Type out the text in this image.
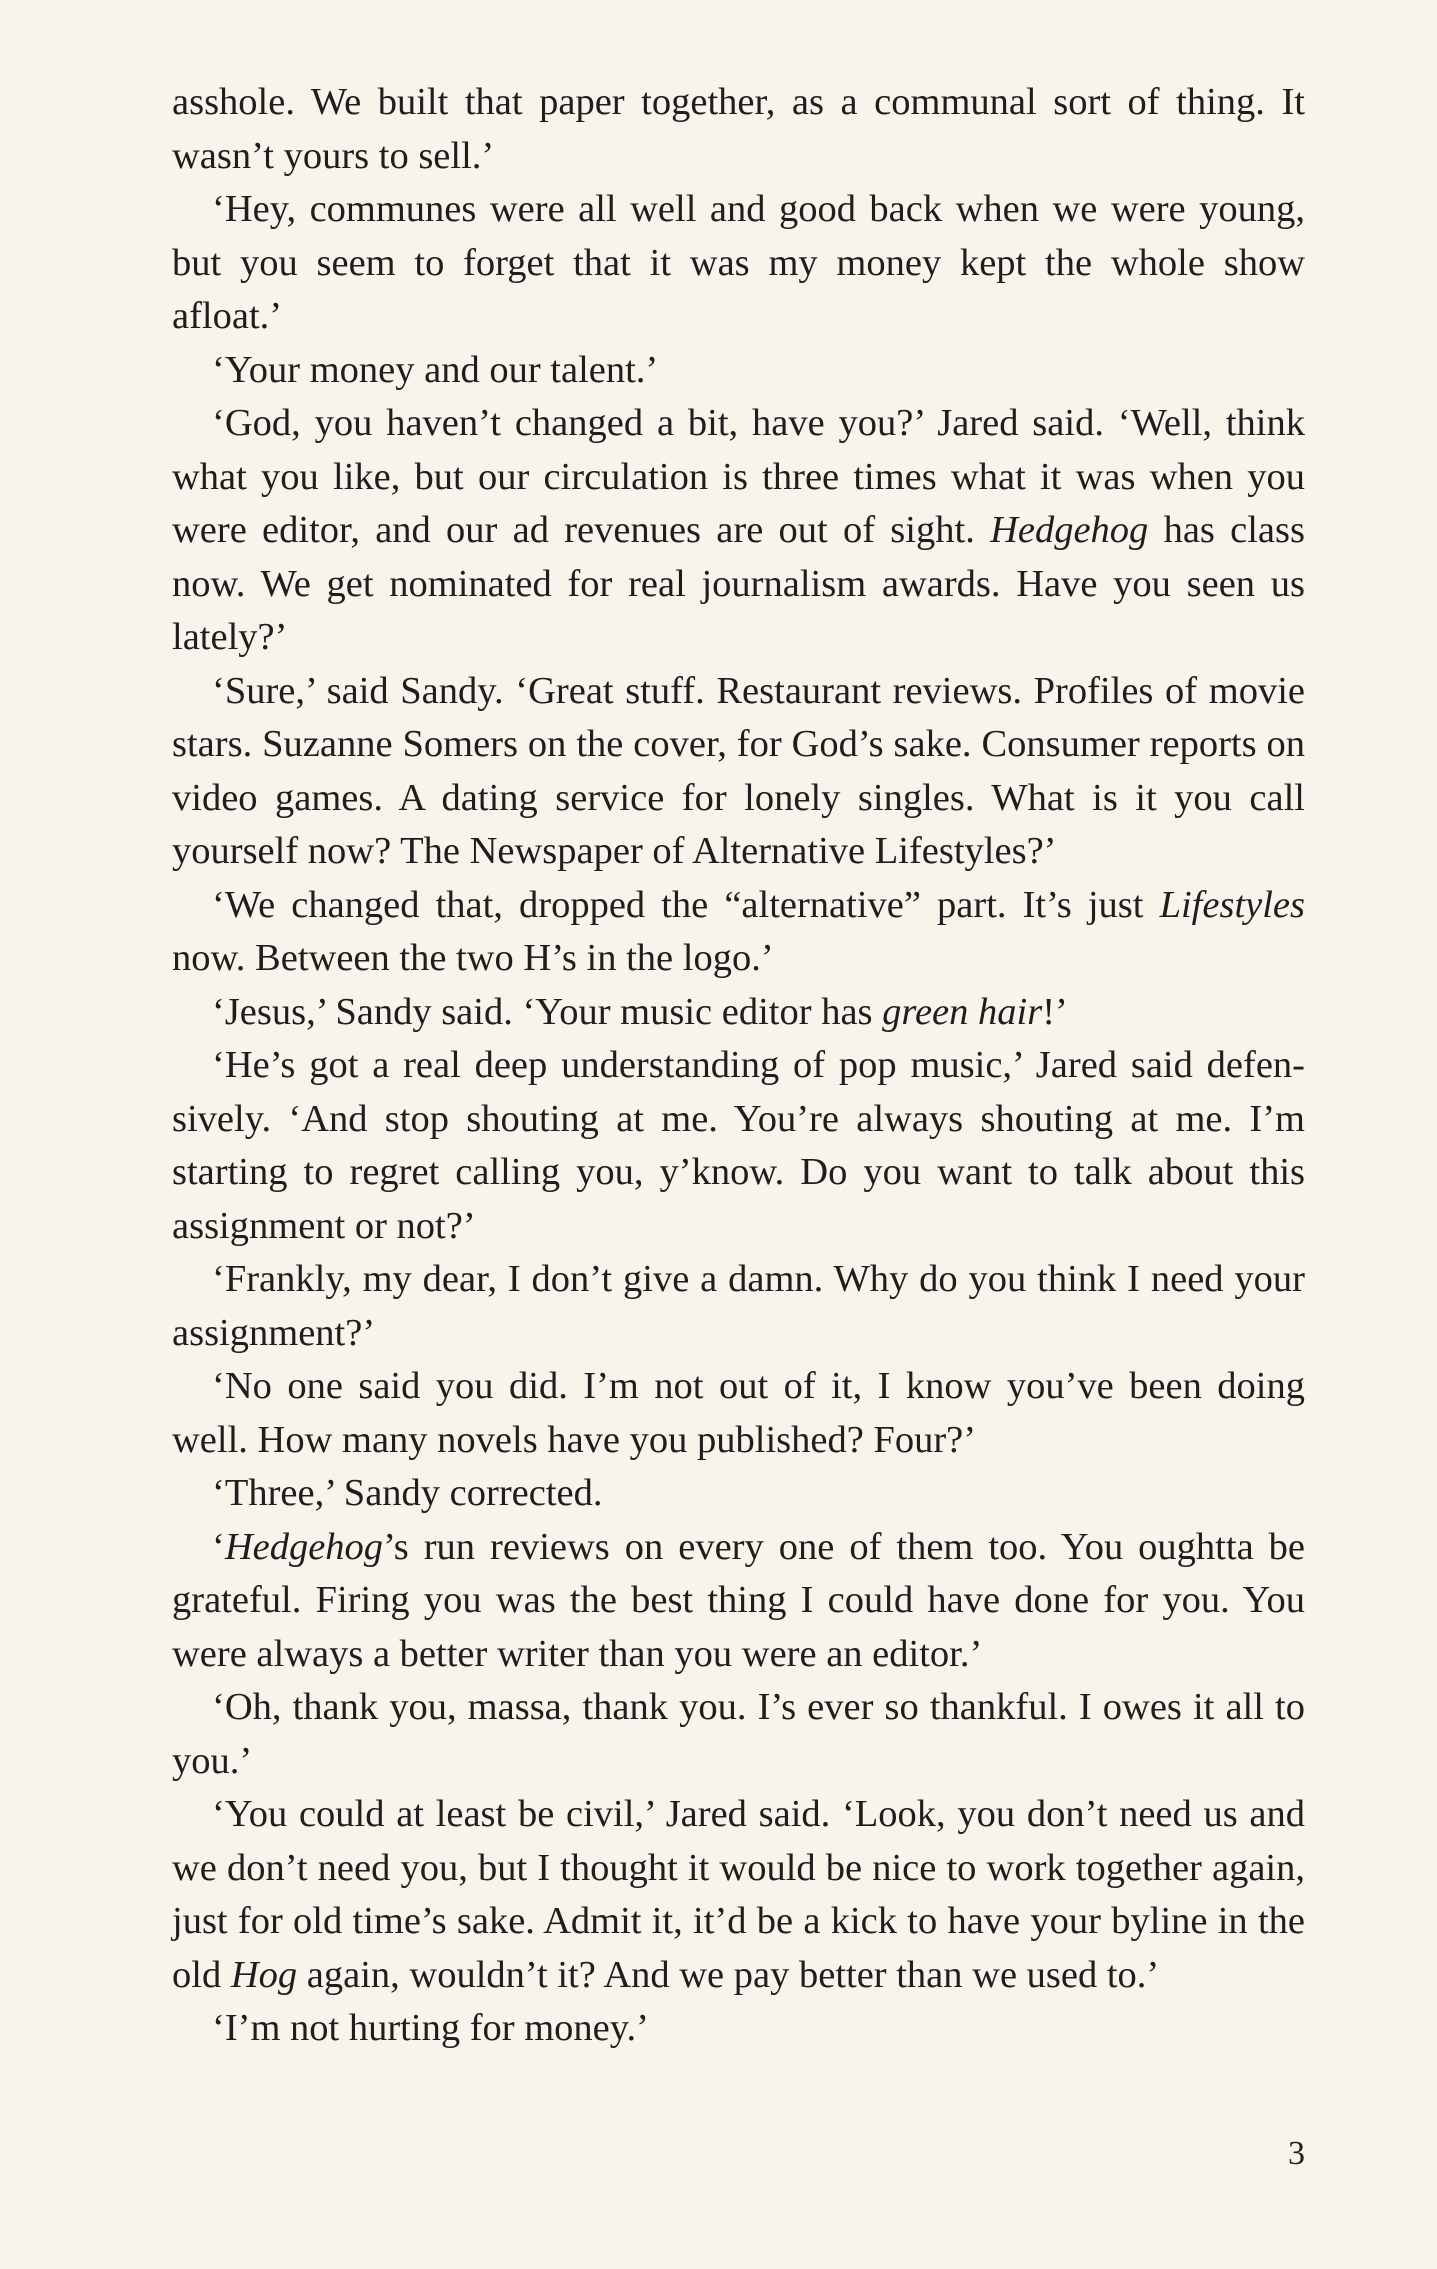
asshole. We built that paper together, as a communal sort of thing. It wasn’t yours to sell.’

‘Hey, communes were all well and good back when we were young, but you seem to forget that it was my money kept the whole show afloat.’

‘Your money and our talent.’

‘God, you haven’t changed a bit, have you?’ Jared said. ‘Well, think what you like, but our circulation is three times what it was when you were editor, and our ad revenues are out of sight. Hedgehog has class now. We get nominated for real journalism awards. Have you seen us lately?’

‘Sure,’ said Sandy. ‘Great stuff. Restaurant reviews. Profiles of movie stars. Suzanne Somers on the cover, for God’s sake. Consumer reports on video games. A dating service for lonely singles. What is it you call yourself now? The Newspaper of Alternative Lifestyles?’

‘We changed that, dropped the “alternative” part. It’s just Lifestyles now. Between the two H’s in the logo.’

‘Jesus,’ Sandy said. ‘Your music editor has green hair!’

‘He’s got a real deep understanding of pop music,’ Jared said defensively. ‘And stop shouting at me. You’re always shouting at me. I’m starting to regret calling you, y’know. Do you want to talk about this assignment or not?’

‘Frankly, my dear, I don’t give a damn. Why do you think I need your assignment?’

‘No one said you did. I’m not out of it, I know you’ve been doing well. How many novels have you published? Four?’

‘Three,’ Sandy corrected.

‘Hedgehog’s run reviews on every one of them too. You oughtta be grateful. Firing you was the best thing I could have done for you. You were always a better writer than you were an editor.’

‘Oh, thank you, massa, thank you. I’s ever so thankful. I owes it all to you.’

‘You could at least be civil,’ Jared said. ‘Look, you don’t need us and we don’t need you, but I thought it would be nice to work together again, just for old time’s sake. Admit it, it’d be a kick to have your byline in the old Hog again, wouldn’t it? And we pay better than we used to.’

‘I’m not hurting for money.’

3
